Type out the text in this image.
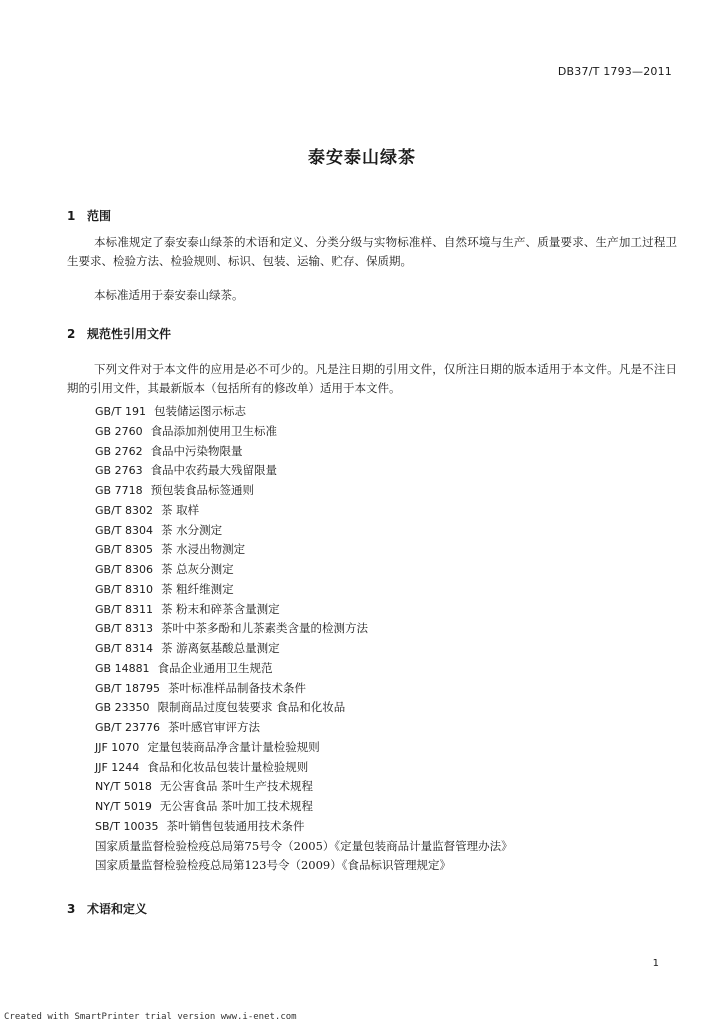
DB37/T 1793—2011
泰安泰山绿茶
1 范围

本标准规定了泰安泰山绿茶的术语和定义、分类分级与实物标准样、自然环境与生产、质量要求、生产加工过程卫生要求、检验方法、检验规则、标识、包装、运输、贮存、保质期。

本标准适用于泰安泰山绿茶。

2 规范性引用文件

下列文件对于本文件的应用是必不可少的。凡是注日期的引用文件，仅所注日期的版本适用于本文件。凡是不注日期的引用文件，其最新版本（包括所有的修改单）适用于本文件。

GB/T 191 包装储运图示标志
GB 2760 食品添加剂使用卫生标准
GB 2762 食品中污染物限量
GB 2763 食品中农药最大残留限量
GB 7718 预包装食品标签通则
GB/T 8302 茶 取样
GB/T 8304 茶 水分测定
GB/T 8305 茶 水浸出物测定
GB/T 8306 茶 总灰分测定
GB/T 8310 茶 粗纤维测定
GB/T 8311 茶 粉末和碎茶含量测定
GB/T 8313 茶叶中茶多酚和儿茶素类含量的检测方法
GB/T 8314 茶 游离氨基酸总量测定
GB 14881 食品企业通用卫生规范
GB/T 18795 茶叶标准样品制备技术条件
GB 23350 限制商品过度包装要求 食品和化妆品
GB/T 23776 茶叶感官审评方法
JJF 1070 定量包装商品净含量计量检验规则
JJF 1244 食品和化妆品包装计量检验规则
NY/T 5018 无公害食品 茶叶生产技术规程
NY/T 5019 无公害食品 茶叶加工技术规程
SB/T 10035 茶叶销售包装通用技术条件
国家质量监督检验检疫总局第75号令（2005）《定量包装商品计量监督管理办法》
国家质量监督检验检疫总局第123号令（2009）《食品标识管理规定》
3 术语和定义
1
Created with SmartPrinter trial version www.i-enet.com
